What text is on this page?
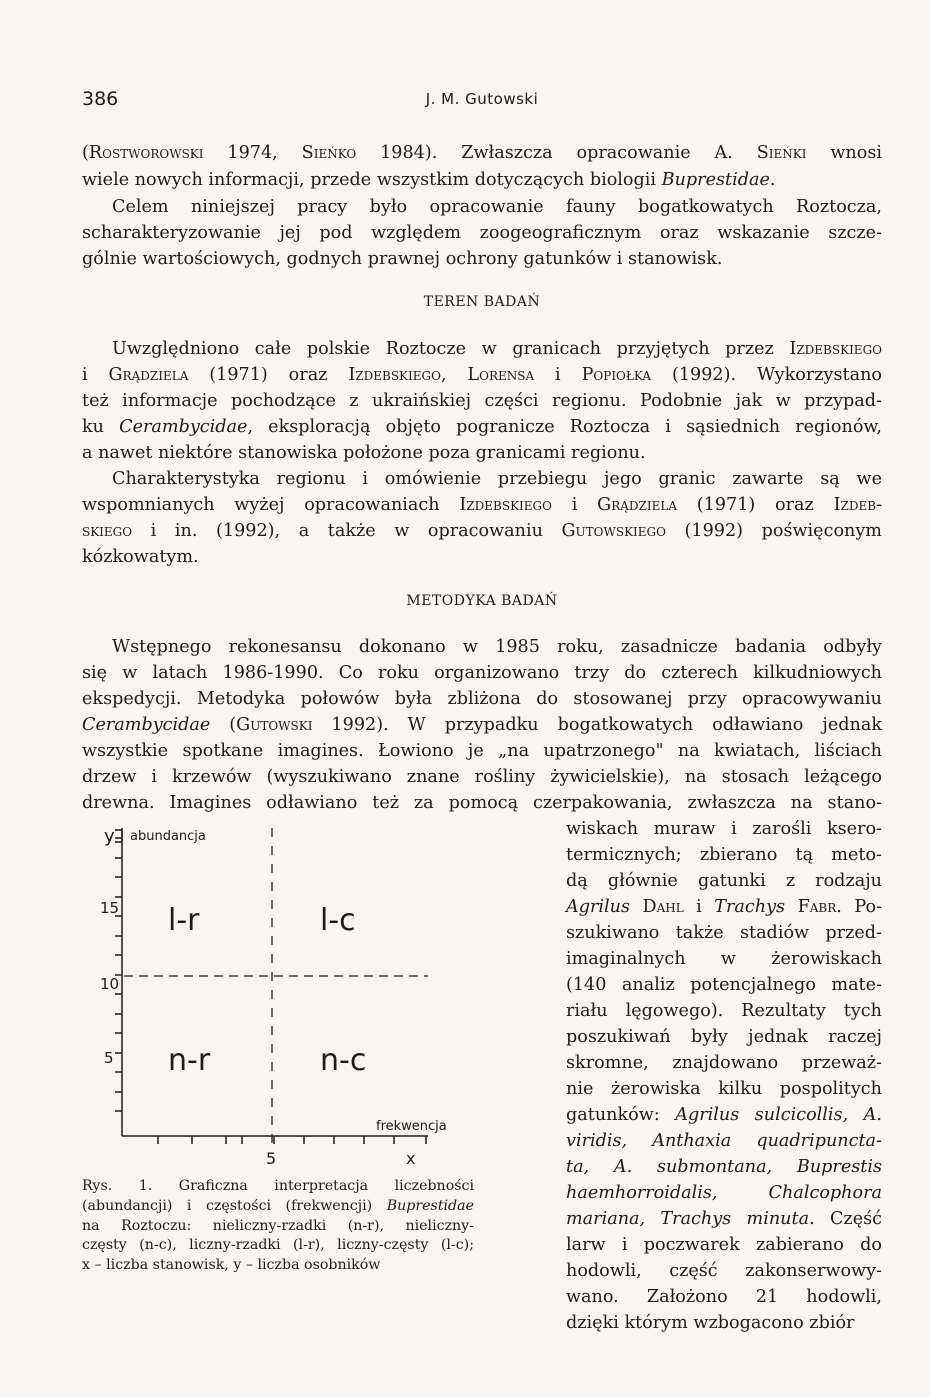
386	J. M. Gutowski
(Rostworowski 1974, Sieńko 1984). Zwłaszcza opracowanie A. Sieńki wnosi
wiele nowych informacji, przede wszystkim dotyczących biologii Buprestidae.
Celem niniejszej pracy było opracowanie fauny bogatkowatych Roztocza,
scharakteryzowanie jej pod względem zoogeograficznym oraz wskazanie szcze-
gólnie wartościowych, godnych prawnej ochrony gatunków i stanowisk.
TEREN BADAŃ
Uwzględniono całe polskie Roztocze w granicach przyjętych przez Izdebskiego
i Grądziela (1971) oraz Izdebskiego, Lorensa i Popiołka (1992). Wykorzystano
też informacje pochodzące z ukraińskiej części regionu. Podobnie jak w przypad-
ku Cerambycidae, eksploracją objęto pogranicze Roztocza i sąsiednich regionów,
a nawet niektóre stanowiska położone poza granicami regionu.
Charakterystyka regionu i omówienie przebiegu jego granic zawarte są we
wspomnianych wyżej opracowaniach Izdebskiego i Grądziela (1971) oraz Izdeb-
skiego i in. (1992), a także w opracowaniu Gutowskiego (1992) poświęconym
kózkowatym.
METODYKA BADAŃ
Wstępnego rekonesansu dokonano w 1985 roku, zasadnicze badania odbyły
się w latach 1986-1990. Co roku organizowano trzy do czterech kilkudniowych
ekspedycji. Metodyka połowów była zbliżona do stosowanej przy opracowywaniu
Cerambycidae (Gutowski 1992). W przypadku bogatkowatych odławiano jednak
wszystkie spotkane imagines. Łowiono je „na upatrzonego" na kwiatach, liściach
drzew i krzewów (wyszukiwano znane rośliny żywicielskie), na stosach leżącego
drewna. Imagines odławiano też za pomocą czerpakowania, zwłaszcza na stano-
wiskach muraw i zarośli ksero-
termicznych; zbierano tą meto-
dą głównie gatunki z rodzaju
Agrilus Dahl i Trachys Fabr. Po-
szukiwano także stadiów przed-
imaginalnych w żerowiskach
(140 analiz potencjalnego mate-
riału lęgowego). Rezultaty tych
poszukiwań były jednak raczej
skromne, znajdowano przeważ-
nie żerowiska kilku pospolitych
gatunków: Agrilus sulcicollis, A.
viridis, Anthaxia quadripuncta-
ta, A. submontana, Buprestis
haemhorroidalis, Chalcophora
mariana, Trachys minuta. Część
larw i poczwarek zabierano do
hodowli, część zakonserwowy-
wano. Założono 21 hodowli,
dzięki którym wzbogacono zbiór
y abundancja
15
10
5
l-r	l-c
n-r	n-c
frekwencja
5	x
Rys. 1. Graficzna interpretacja liczebności
(abundancji) i częstości (frekwencji) Buprestidae
na Roztoczu: nieliczny-rzadki (n-r), nieliczny-
częsty (n-c), liczny-rzadki (l-r), liczny-częsty (l-c);
x – liczba stanowisk, y – liczba osobników
